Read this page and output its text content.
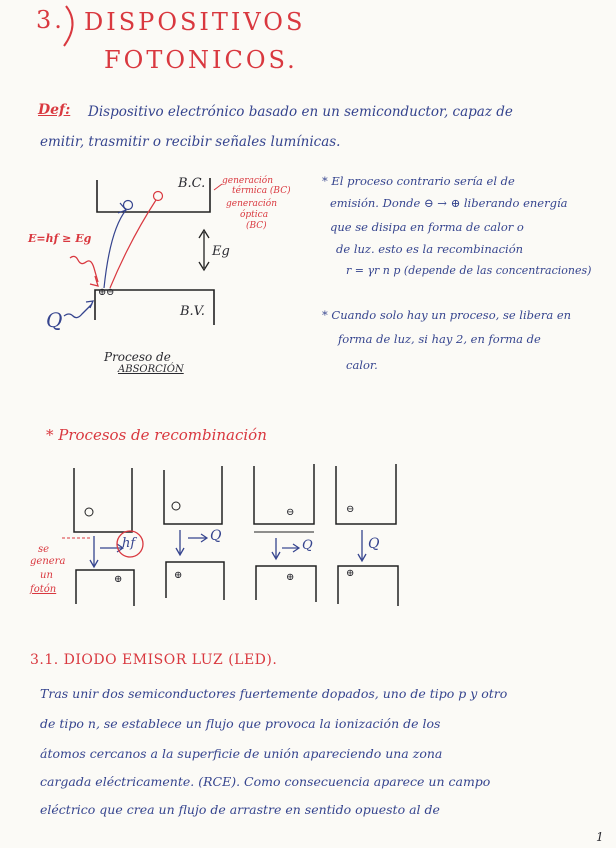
3. DISPOSITIVOS
FOTONICOS.
Def: Dispositivo electrónico basado en un semiconductor, capaz de
emitir, trasmitir o recibir señales lumínicas.
B.C.
B.V.
E=hf ≥ Eg
Eg
Q
⊕ ⊖
generación
térmica (BC)
generación
óptica
(BC)
Proceso de
ABSORCIÓN
* El proceso contrario sería el de
emisión. Donde ⊖ → ⊕ liberando energía
que se disipa en forma de calor o
de luz. esto es la recombinación
r = γr n p (depende de las concentraciones)
* Cuando solo hay un proceso, se libera en
forma de luz, si hay 2, en forma de
calor.
* Procesos de recombinación
se
genera
un
fotón
hf	Q
Q	Q
⊖	⊖
⊕	⊕	⊕	⊕
3.1. DIODO EMISOR LUZ (LED).
Tras unir dos semiconductores fuertemente dopados, uno de tipo p y otro
de tipo n, se establece un flujo que provoca la ionización de los
átomos cercanos a la superficie de unión apareciendo una zona
cargada eléctricamente. (RCE). Como consecuencia aparece un campo
eléctrico que crea un flujo de arrastre en sentido opuesto al de
1
